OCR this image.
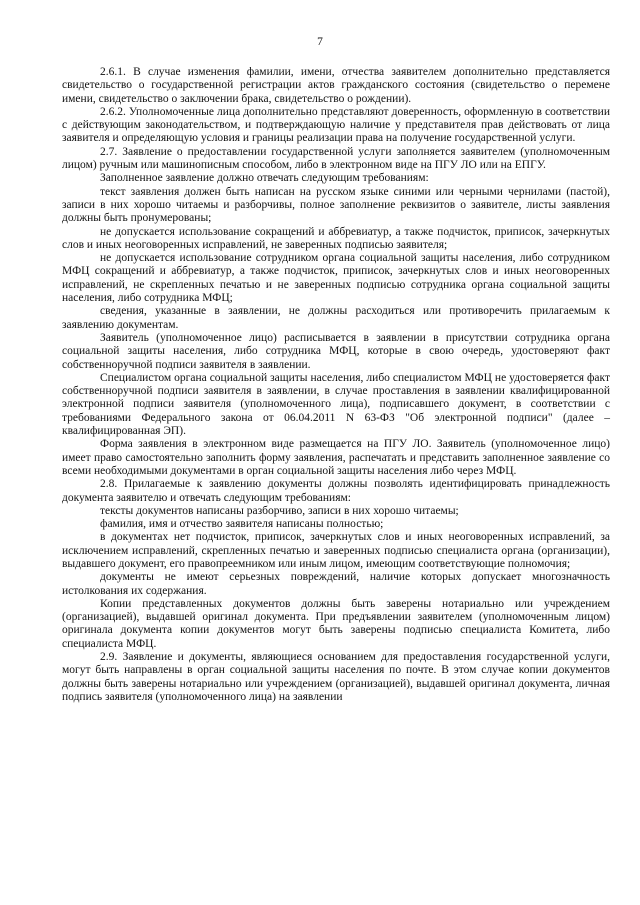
7

2.6.1. В случае изменения фамилии, имени, отчества заявителем дополнительно представляется свидетельство о государственной регистрации актов гражданского состояния (свидетельство о перемене имени, свидетельство о заключении брака, свидетельство о рождении).

2.6.2. Уполномоченные лица дополнительно представляют доверенность, оформленную в соответствии с действующим законодательством, и подтверждающую наличие у представителя прав действовать от лица заявителя и определяющую условия и границы реализации права на получение государственной услуги.

2.7. Заявление о предоставлении государственной услуги заполняется заявителем (уполномоченным лицом) ручным или машинописным способом, либо в электронном виде на ПГУ ЛО или на ЕПГУ.

Заполненное заявление должно отвечать следующим требованиям:

текст заявления должен быть написан на русском языке синими или черными чернилами (пастой), записи в них хорошо читаемы и разборчивы, полное заполнение реквизитов о заявителе, листы заявления должны быть пронумерованы;

не допускается использование сокращений и аббревиатур, а также подчисток, приписок, зачеркнутых слов и иных неоговоренных исправлений, не заверенных подписью заявителя;

не допускается использование сотрудником органа социальной защиты населения, либо сотрудником МФЦ сокращений и аббревиатур, а также подчисток, приписок, зачеркнутых слов и иных неоговоренных исправлений, не скрепленных печатью и не заверенных подписью сотрудника органа социальной защиты населения, либо сотрудника МФЦ;

сведения, указанные в заявлении, не должны расходиться или противоречить прилагаемым к заявлению документам.

Заявитель (уполномоченное лицо) расписывается в заявлении в присутствии сотрудника органа социальной защиты населения, либо сотрудника МФЦ, которые в свою очередь, удостоверяют факт собственноручной подписи заявителя в заявлении.

Специалистом органа социальной защиты населения, либо специалистом МФЦ не удостоверяется факт собственноручной подписи заявителя в заявлении, в случае проставления в заявлении квалифицированной электронной подписи заявителя (уполномоченного лица), подписавшего документ, в соответствии с требованиями Федерального закона от 06.04.2011 N 63-ФЗ "Об электронной подписи" (далее – квалифицированная ЭП).

Форма заявления в электронном виде размещается на ПГУ ЛО. Заявитель (уполномоченное лицо) имеет право самостоятельно заполнить форму заявления, распечатать и представить заполненное заявление со всеми необходимыми документами в орган социальной защиты населения либо через МФЦ.

2.8. Прилагаемые к заявлению документы должны позволять идентифицировать принадлежность документа заявителю и отвечать следующим требованиям:

тексты документов написаны разборчиво, записи в них хорошо читаемы;

фамилия, имя и отчество заявителя написаны полностью;

в документах нет подчисток, приписок, зачеркнутых слов и иных неоговоренных исправлений, за исключением исправлений, скрепленных печатью и заверенных подписью специалиста органа (организации), выдавшего документ, его правопреемником или иным лицом, имеющим соответствующие полномочия;

документы не имеют серьезных повреждений, наличие которых допускает многозначность истолкования их содержания.

Копии представленных документов должны быть заверены нотариально или учреждением (организацией), выдавшей оригинал документа. При предъявлении заявителем (уполномоченным лицом) оригинала документа копии документов могут быть заверены подписью специалиста Комитета, либо специалиста МФЦ.

2.9. Заявление и документы, являющиеся основанием для предоставления государственной услуги, могут быть направлены в орган социальной защиты населения по почте. В этом случае копии документов должны быть заверены нотариально или учреждением (организацией), выдавшей оригинал документа, личная подпись заявителя (уполномоченного лица) на заявлении
